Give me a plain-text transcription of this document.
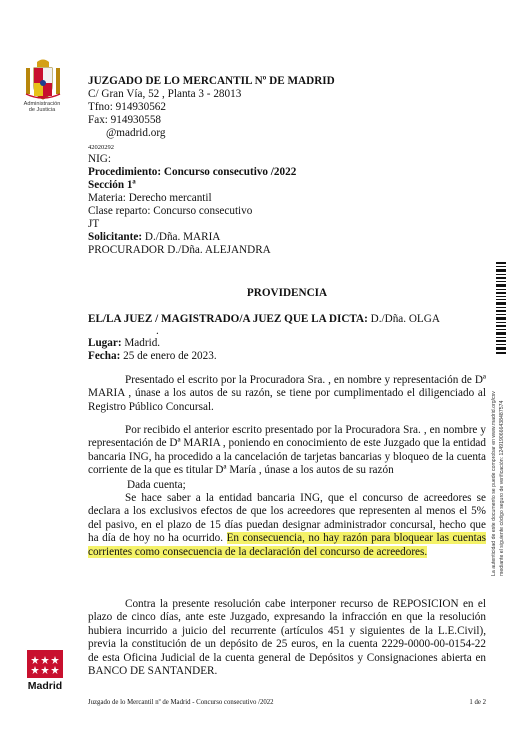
Administración
de Justicia
JUZGADO DE LO MERCANTIL Nº DE MADRID
C/ Gran Vía, 52 , Planta 3 - 28013
Tfno: 914930562
Fax: 914930558
@madrid.org
42020292
NIG:
Procedimiento: Concurso consecutivo /2022
Sección 1ª
Materia: Derecho mercantil
Clase reparto: Concurso consecutivo
JT
Solicitante: D./Dña. MARIA
PROCURADOR D./Dña. ALEJANDRA
PROVIDENCIA
EL/LA JUEZ / MAGISTRADO/A JUEZ QUE LA DICTA: D./Dña. OLGA
.
Lugar: Madrid.
Fecha: 25 de enero de 2023.
Presentado el escrito por la Procuradora Sra. , en nombre y representación de Dª MARIA , únase a los autos de su razón, se tiene por cumplimentado el diligenciado al Registro Público Concursal.
Por recibido el anterior escrito presentado por la Procuradora Sra. , en nombre y representación de Dª MARIA , poniendo en conocimiento de este Juzgado que la entidad bancaria ING, ha procedido a la cancelación de tarjetas bancarias y bloqueo de la cuenta corriente de la que es titular Dª María , únase a los autos de su razón
Dada cuenta;
Se hace saber a la entidad bancaria ING, que el concurso de acreedores se declara a los exclusivos efectos de que los acreedores que representen al menos el 5% del pasivo, en el plazo de 15 días puedan designar administrador concursal, hecho que ha día de hoy no ha ocurrido. En consecuencia, no hay razón para bloquear las cuentas corrientes como consecuencia de la declaración del concurso de acreedores.
Contra la presente resolución cabe interponer recurso de REPOSICION en el plazo de cinco días, ante este Juzgado, expresando la infracción en que la resolución hubiera incurrido a juicio del recurrente (artículos 451 y siguientes de la L.E.Civil), previa la constitución de un depósito de 25 euros, en la cuenta 2229-0000-00-0154-22 de esta Oficina Judicial de la cuenta general de Depósitos y Consignaciones abierta en BANCO DE SANTANDER.
La autenticidad de este documento se puede comprobar en www.madrid.org/csv mediante el siguiente código seguro de verificación: 1249190666438487574
Madrid
Juzgado de lo Mercantil nº de Madrid - Concurso consecutivo /2022	1 de 2
